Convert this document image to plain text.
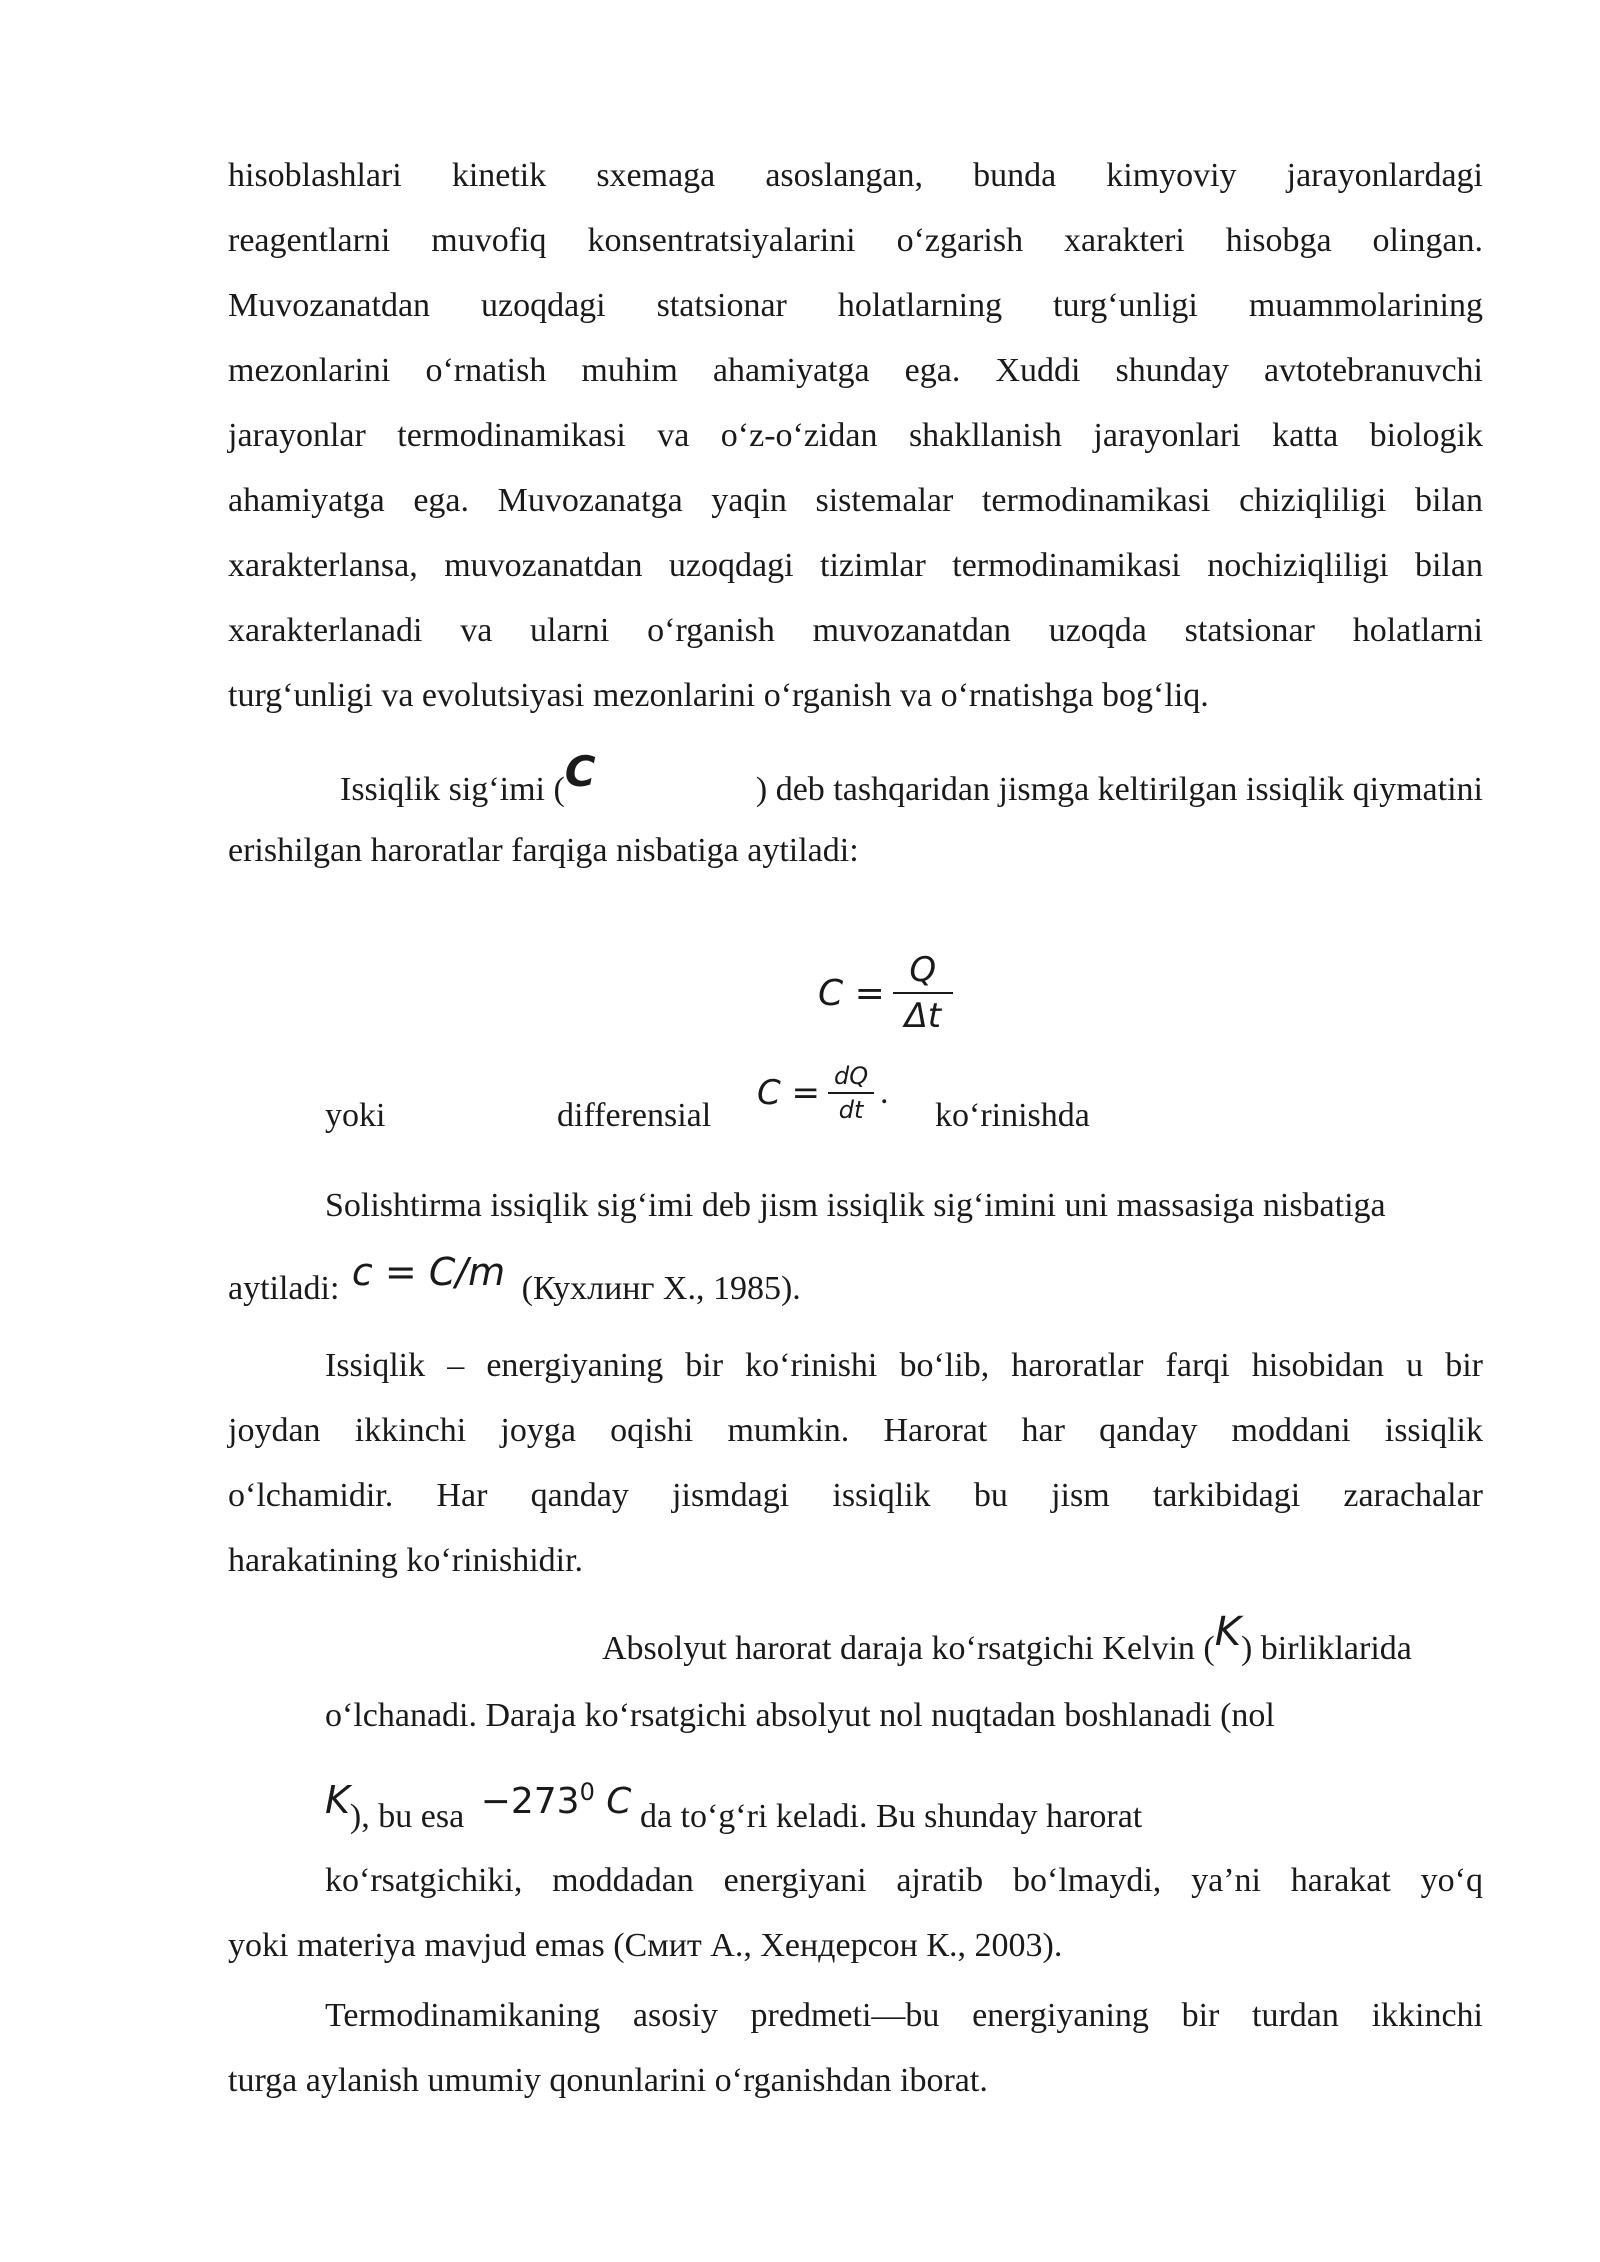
hisoblashlari kinetik sxemaga asoslangan, bunda kimyoviy jarayonlardagi
reagentlarni muvofiq konsentratsiyalarini o‘zgarish xarakteri hisobga olingan.
Muvozanatdan uzoqdagi statsionar holatlarning turg‘unligi muammolarining
mezonlarini o‘rnatish muhim ahamiyatga ega. Xuddi shunday avtotebranuvchi
jarayonlar termodinamikasi va o‘z-o‘zidan shakllanish jarayonlari katta biologik
ahamiyatga ega. Muvozanatga yaqin sistemalar termodinamikasi chiziqliligi bilan
xarakterlansa, muvozanatdan uzoqdagi tizimlar termodinamikasi nochiziqliligi bilan
xarakterlanadi va ularni o‘rganish muvozanatdan uzoqda statsionar holatlarni
turg‘unligi va evolutsiyasi mezonlarini o‘rganish va o‘rnatishga bog‘liq.
Issiqlik sig‘imi (C	) deb tashqaridan jismga keltirilgan issiqlik qiymatini
erishilgan haroratlar farqiga nisbatiga aytiladi:
$C = \frac{Q}{\Delta t}$
yoki	differensial
$C = \frac{dQ}{dt}$ .
ko‘rinishda
Solishtirma issiqlik sig‘imi deb jism issiqlik sig‘imini uni massasiga nisbatiga
aytiladi: c = C/m (Кухлинг Х., 1985).
Issiqlik – energiyaning bir ko‘rinishi bo‘lib, haroratlar farqi hisobidan u bir
joydan ikkinchi joyga oqishi mumkin. Harorat har qanday moddani issiqlik
o‘lchamidir. Har qanday jismdagi issiqlik bu jism tarkibidagi zarachalar
harakatining ko‘rinishidir.
Absolyut harorat daraja ko‘rsatgichi Kelvin (K) birliklarida
o‘lchanadi. Daraja ko‘rsatgichi absolyut nol nuqtadan boshlanadi (nol
K), bu esa $-273^0$ C da to‘g‘ri keladi. Bu shunday harorat
ko‘rsatgichiki, moddadan energiyani ajratib bo‘lmaydi, ya’ni harakat yo‘q
yoki materiya mavjud emas (Смит А., Хендерсон К., 2003).
Termodinamikaning asosiy predmeti—bu energiyaning bir turdan ikkinchi
turga aylanish umumiy qonunlarini o‘rganishdan iborat.
